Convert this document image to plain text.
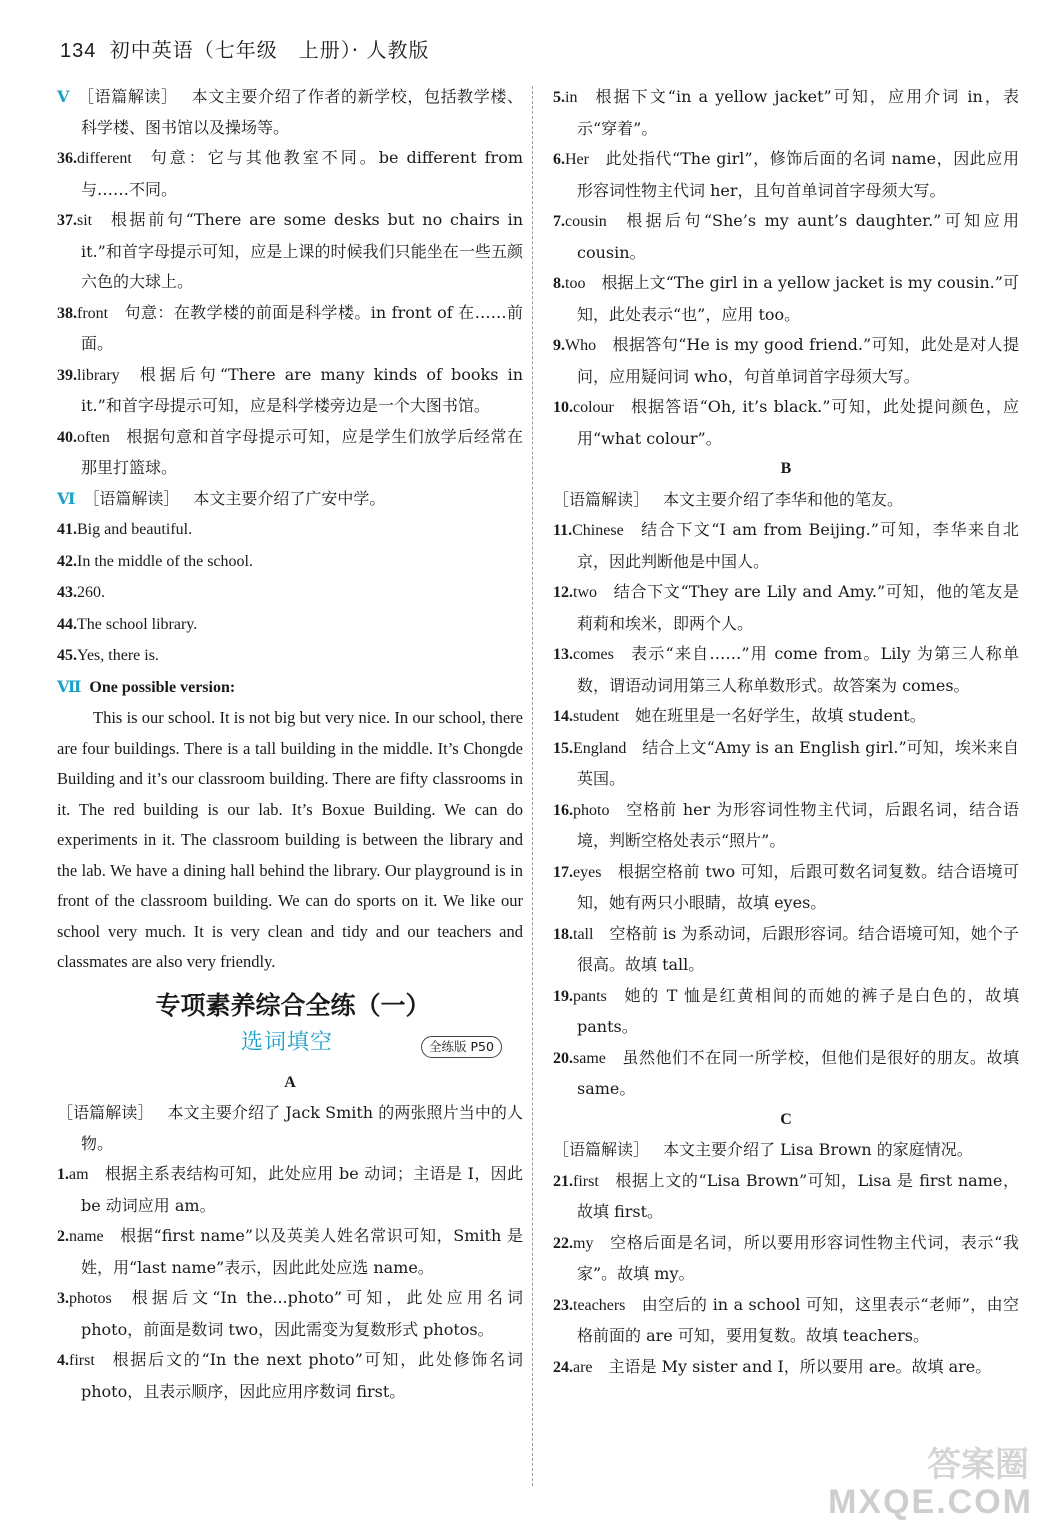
134 初中英语（七年级　上册）· 人教版

V ［语篇解读］ 本文主要介绍了作者的新学校，包括教学楼、科学楼、图书馆以及操场等。

36.different 句意：它与其他教室不同。be different from 与……不同。

37.sit 根据前句“There are some desks but no chairs in it.”和首字母提示可知，应是上课的时候我们只能坐在一些五颜六色的大球上。

38.front 句意：在教学楼的前面是科学楼。in front of 在……前面。

39.library 根据后句“There are many kinds of books in it.”和首字母提示可知，应是科学楼旁边是一个大图书馆。

40.often 根据句意和首字母提示可知，应是学生们放学后经常在那里打篮球。

Ⅵ ［语篇解读］ 本文主要介绍了广安中学。

41.Big and beautiful.

42.In the middle of the school.

43.260.

44.The school library.

45.Yes, there is.

Ⅶ One possible version:

This is our school. It is not big but very nice. In our school, there are four buildings. There is a tall building in the middle. It’s Chongde Building and it’s our classroom building. There are fifty classrooms in it. The red building is our lab. It’s Boxue Building. We can do experiments in it. The classroom building is between the library and the lab. We have a dining hall behind the library. Our playground is in front of the classroom building. We can do sports on it. We like our school very much. It is very clean and tidy and our teachers and classmates are also very friendly.

专项素养综合全练（一）
选词填空	全练版 P50

A

［语篇解读］ 本文主要介绍了 Jack Smith 的两张照片当中的人物。

1.am 根据主系表结构可知，此处应用 be 动词；主语是 I，因此 be 动词应用 am。

2.name 根据“first name”以及英美人姓名常识可知，Smith 是姓，用“last name”表示，因此此处应选 name。

3.photos 根据后文“In the...photo”可知，此处应用名词 photo，前面是数词 two，因此需变为复数形式 photos。

4.first 根据后文的“In the next photo”可知，此处修饰名词 photo，且表示顺序，因此应用序数词 first。

5.in 根据下文“in a yellow jacket”可知，应用介词 in，表示“穿着”。

6.Her 此处指代“The girl”，修饰后面的名词 name，因此应用形容词性物主代词 her，且句首单词首字母须大写。

7.cousin 根据后句“She’s my aunt’s daughter.”可知应用 cousin。

8.too 根据上文“The girl in a yellow jacket is my cousin.”可知，此处表示“也”，应用 too。

9.Who 根据答句“He is my good friend.”可知，此处是对人提问，应用疑问词 who，句首单词首字母须大写。

10.colour 根据答语“Oh, it’s black.”可知，此处提问颜色，应用“what colour”。

B

［语篇解读］ 本文主要介绍了李华和他的笔友。

11.Chinese 结合下文“I am from Beijing.”可知，李华来自北京，因此判断他是中国人。

12.two 结合下文“They are Lily and Amy.”可知，他的笔友是莉莉和埃米，即两个人。

13.comes 表示“来自……”用 come from。Lily 为第三人称单数，谓语动词用第三人称单数形式。故答案为 comes。

14.student 她在班里是一名好学生，故填 student。

15.England 结合上文“Amy is an English girl.”可知，埃米来自英国。

16.photo 空格前 her 为形容词性物主代词，后跟名词，结合语境，判断空格处表示“照片”。

17.eyes 根据空格前 two 可知，后跟可数名词复数。结合语境可知，她有两只小眼睛，故填 eyes。

18.tall 空格前 is 为系动词，后跟形容词。结合语境可知，她个子很高。故填 tall。

19.pants 她的 T 恤是红黄相间的而她的裤子是白色的，故填 pants。

20.same 虽然他们不在同一所学校，但他们是很好的朋友。故填 same。

C

［语篇解读］ 本文主要介绍了 Lisa Brown 的家庭情况。

21.first 根据上文的“Lisa Brown”可知，Lisa 是 first name，故填 first。

22.my 空格后面是名词，所以要用形容词性物主代词，表示“我家”。故填 my。

23.teachers 由空后的 in a school 可知，这里表示“老师”，由空格前面的 are 可知，要用复数。故填 teachers。

24.are 主语是 My sister and I，所以要用 are。故填 are。

答案圈
MXQE.COM
